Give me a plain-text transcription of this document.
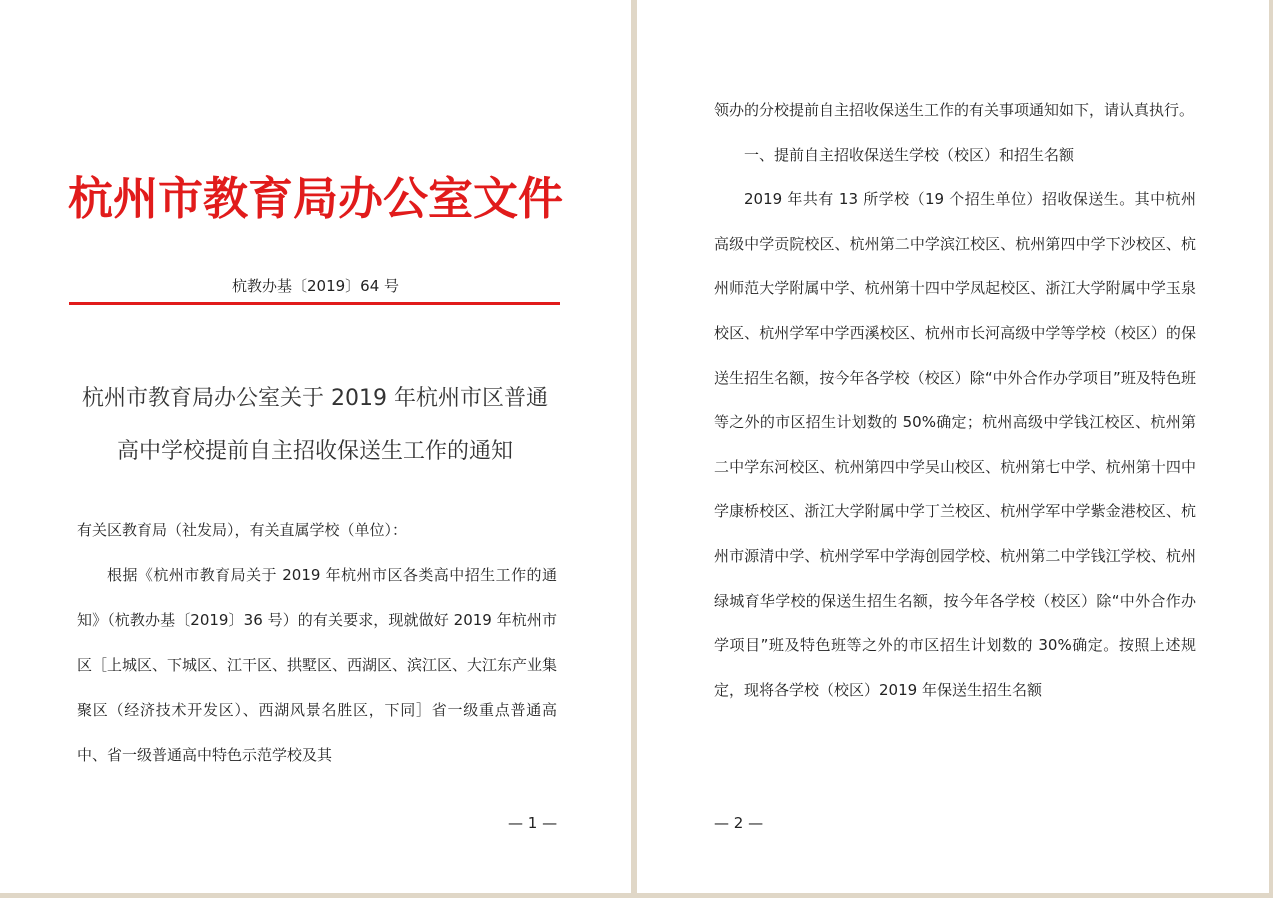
杭州市教育局办公室文件
杭教办基〔2019〕64 号
杭州市教育局办公室关于 2019 年杭州市区普通
高中学校提前自主招收保送生工作的通知

有关区教育局（社发局），有关直属学校（单位）：

根据《杭州市教育局关于 2019 年杭州市区各类高中招生工作的通知》（杭教办基〔2019〕36 号）的有关要求，现就做好 2019 年杭州市区［上城区、下城区、江干区、拱墅区、西湖区、滨江区、大江东产业集聚区（经济技术开发区）、西湖风景名胜区，下同］省一级重点普通高中、省一级普通高中特色示范学校及其

— 1 —

领办的分校提前自主招收保送生工作的有关事项通知如下，请认真执行。

一、提前自主招收保送生学校（校区）和招生名额

2019 年共有 13 所学校（19 个招生单位）招收保送生。其中杭州高级中学贡院校区、杭州第二中学滨江校区、杭州第四中学下沙校区、杭州师范大学附属中学、杭州第十四中学凤起校区、浙江大学附属中学玉泉校区、杭州学军中学西溪校区、杭州市长河高级中学等学校（校区）的保送生招生名额，按今年各学校（校区）除“中外合作办学项目”班及特色班等之外的市区招生计划数的 50%确定；杭州高级中学钱江校区、杭州第二中学东河校区、杭州第四中学吴山校区、杭州第七中学、杭州第十四中学康桥校区、浙江大学附属中学丁兰校区、杭州学军中学紫金港校区、杭州市源清中学、杭州学军中学海创园学校、杭州第二中学钱江学校、杭州绿城育华学校的保送生招生名额，按今年各学校（校区）除“中外合作办学项目”班及特色班等之外的市区招生计划数的 30%确定。按照上述规定，现将各学校（校区）2019 年保送生招生名额

— 2 —
